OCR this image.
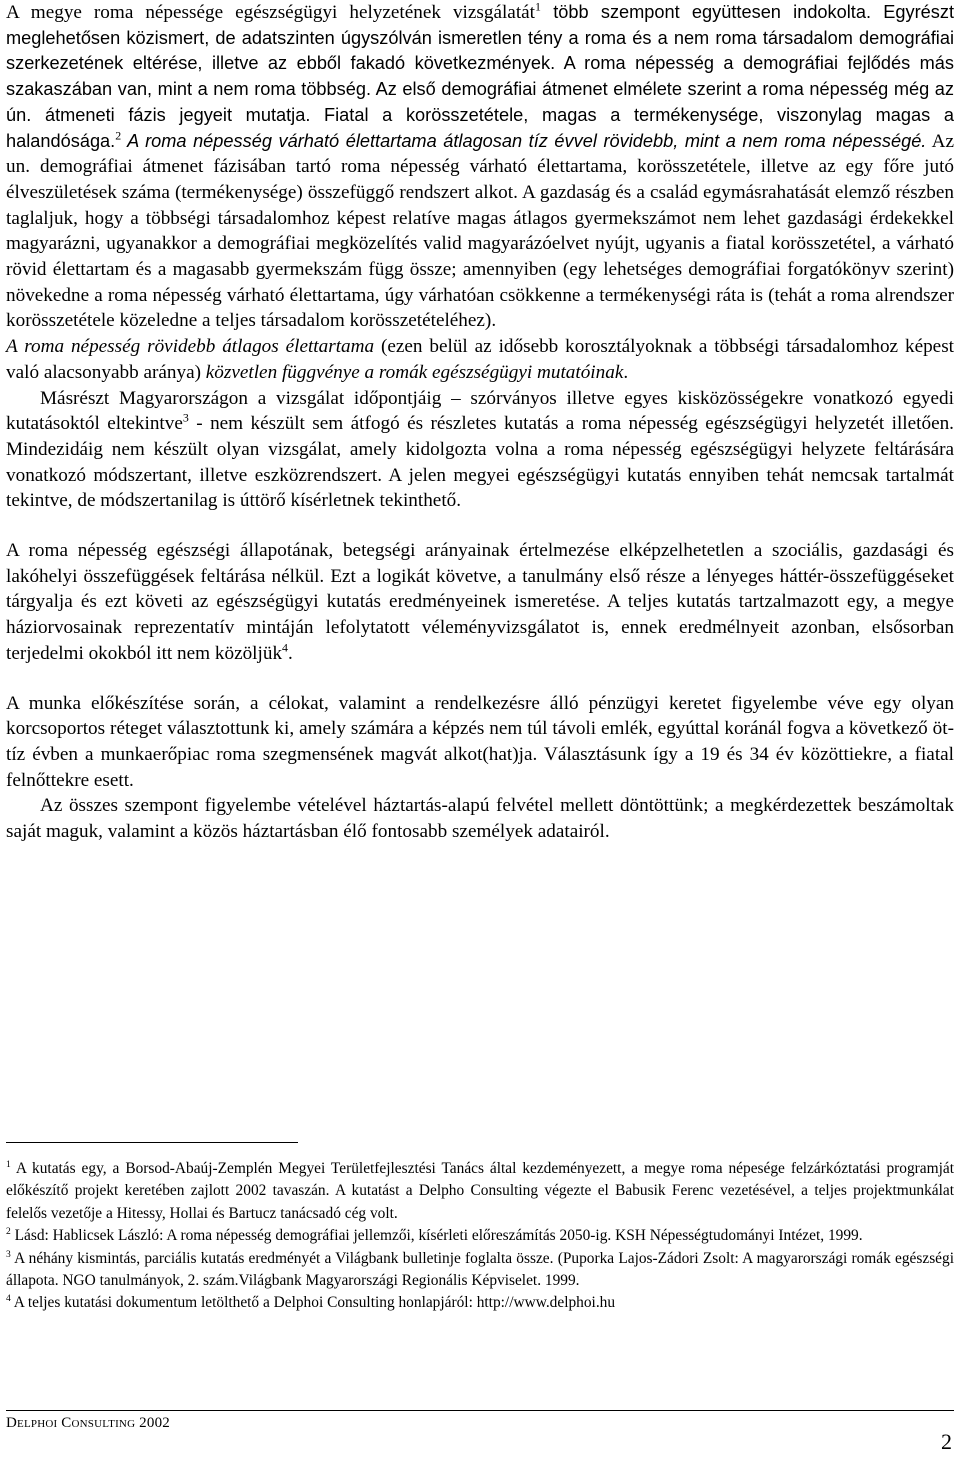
A megye roma népessége egészségügyi helyzetének vizsgálatát$^1$ több szempont együttesen indokolta. Egyrészt meglehetősen közismert, de adatszinten úgyszólván ismeretlen tény a roma és a nem roma társadalom demográfiai szerkezetének eltérése, illetve az ebből fakadó következmények. A roma népesség a demográfiai fejlődés más szakaszában van, mint a nem roma többség. Az első demográfiai átmenet elmélete szerint a roma népesség még az ún. átmeneti fázis jegyeit mutatja. Fiatal a korösszetétele, magas a termékenysége, viszonylag magas a halandósága.$^2$ A roma népesség várható élettartama átlagosan tíz évvel rövidebb, mint a nem roma népességé. Az un. demográfiai átmenet fázisában tartó roma népesség várható élettartama, korösszetétele, illetve az egy főre jutó élveszületések száma (termékenysége) összefüggő rendszert alkot. A gazdaság és a család egymásrahatását elemző részben taglaljuk, hogy a többségi társadalomhoz képest relatíve magas átlagos gyermekszámot nem lehet gazdasági érdekekkel magyarázni, ugyanakkor a demográfiai megközelítés valid magyarázóelvet nyújt, ugyanis a fiatal korösszetétel, a várható rövid élettartam és a magasabb gyermekszám függ össze; amennyiben (egy lehetséges demográfiai forgatókönyv szerint) növekedne a roma népesség várható élettartama, úgy várhatóan csökkenne a termékenységi ráta is (tehát a roma alrendszer korösszetétele közeledne a teljes társadalom korösszetételéhez).

A roma népesség rövidebb átlagos élettartama (ezen belül az idősebb korosztályoknak a többségi társadalomhoz képest való alacsonyabb aránya) közvetlen függvénye a romák egészségügyi mutatóinak.

Másrészt Magyarországon a vizsgálat időpontjáig – szórványos illetve egyes kisközösségekre vonatkozó egyedi kutatásoktól eltekintve$^3$ - nem készült sem átfogó és részletes kutatás a roma népesség egészségügyi helyzetét illetően. Mindezidáig nem készült olyan vizsgálat, amely kidolgozta volna a roma népesség egészségügyi helyzete feltárására vonatkozó módszertant, illetve eszközrendszert. A jelen megyei egészségügyi kutatás ennyiben tehát nemcsak tartalmát tekintve, de módszertanilag is úttörő kísérletnek tekinthető.

A roma népesség egészségi állapotának, betegségi arányainak értelmezése elképzelhetetlen a szociális, gazdasági és lakóhelyi összefüggések feltárása nélkül. Ezt a logikát követve, a tanulmány első része a lényeges háttér-összefüggéseket tárgyalja és ezt követi az egészségügyi kutatás eredményeinek ismeretése. A teljes kutatás tartzalmazott egy, a megye háziorvosainak reprezentatív mintáján lefolytatott véleményvizsgálatot is, ennek eredmélnyeit azonban, elsősorban terjedelmi okokból itt nem közöljük$^4$.

A munka előkészítése során, a célokat, valamint a rendelkezésre álló pénzügyi keretet figyelembe véve egy olyan korcsoportos réteget választottunk ki, amely számára a képzés nem túl távoli emlék, egyúttal koránál fogva a következő öt-tíz évben a munkaerőpiac roma szegmensének magvát alkot(hat)ja. Választásunk így a 19 és 34 év közöttiekre, a fiatal felnőttekre esett.

Az összes szempont figyelembe vételével háztartás-alapú felvétel mellett döntöttünk; a megkérdezettek beszámoltak saját maguk, valamint a közös háztartásban élő fontosabb személyek adatairól.

$^1$ A kutatás egy, a Borsod-Abaúj-Zemplén Megyei Területfejlesztési Tanács által kezdeményezett, a megye roma népesége felzárkóztatási programját előkészítő projekt keretében zajlott 2002 tavaszán. A kutatást a Delpho Consulting végezte el Babusik Ferenc vezetésével, a teljes projektmunkálat felelős vezetője a Hitessy, Hollai és Bartucz tanácsadó cég volt.

$^2$ Lásd: Hablicsek László: A roma népesség demográfiai jellemzői, kísérleti előreszámítás 2050-ig. KSH Népességtudományi Intézet, 1999.

$^3$ A néhány kismintás, parciális kutatás eredményét a Világbank bulletinje foglalta össze. (Puporka Lajos-Zádori Zsolt: A magyarországi romák egészségi állapota. NGO tanulmányok, 2. szám.Világbank Magyarországi Regionális Képviselet. 1999.

$^4$ A teljes kutatási dokumentum letölthető a Delphoi Consulting honlapjáról: http://www.delphoi.hu

Delphoi Consulting 2002
2
